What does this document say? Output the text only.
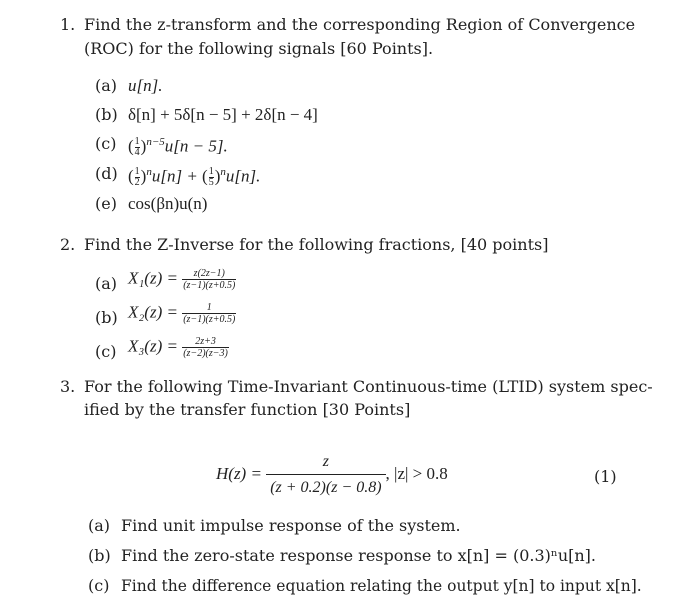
1. Find the z-transform and the corresponding Region of Convergence
(ROC) for the following signals [60 Points].
(a) u[n].
(b) δ[n] + 5δ[n − 5] + 2δ[n − 4]
(c) ( $\frac{1}{4} )^{n-5}u[n - 5]$.
(d) ( $\frac{1}{2} )^nu[n]$ + ( $\frac{1}{5} )^nu[n]$.
(e) cos(βn)u(n)
2. Find the Z-Inverse for the following fractions, [40 points]
(a) $X_1(z) = \frac{z(2z-1)}{(z-1)(z+0.5)}$
(b) $X_2(z) = \frac{1}{(z-1)(z+0.5)}$
(c) $X_3(z) = \frac{2z+3}{(z-2)(z-3)}$
3. For the following Time-Invariant Continuous-time (LTID) system spec-
ified by the transfer function [30 Points]
$H(z) = \frac{z}{(z + 0.2)(z - 0.8)}$ , |z| > 0.8	(1)
(a) Find unit impulse response of the system.
(b) Find the zero-state response response to x[n] = (0.3)ⁿu[n].
(c) Find the difference equation relating the output y[n] to input x[n].
